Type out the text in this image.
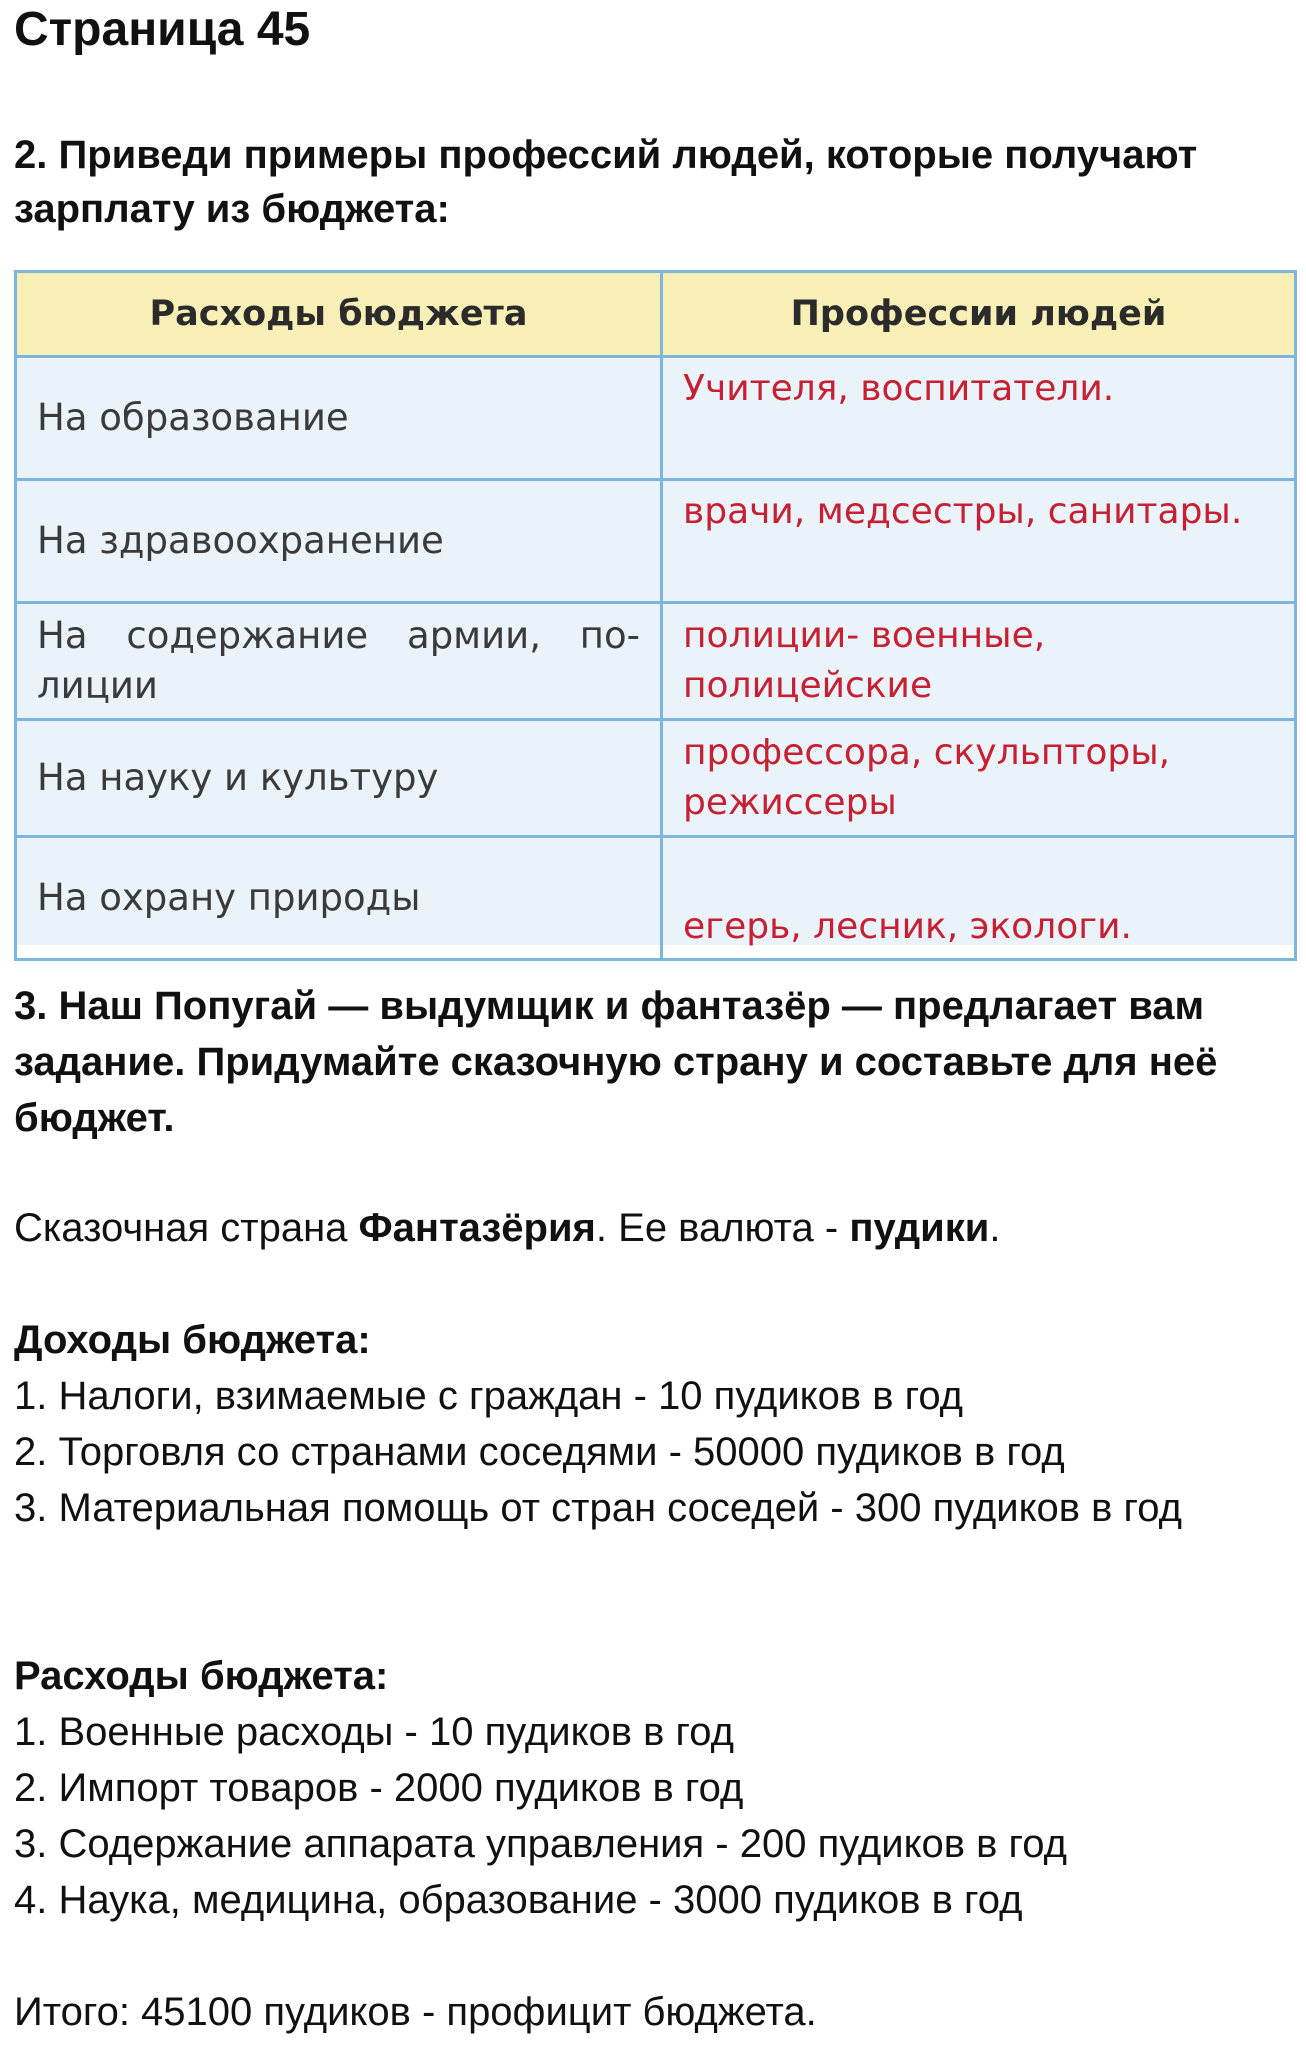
Страница 45
2. Приведи примеры профессий людей, которые получают зарплату из бюджета:
Расходы бюджета	Профессии людей
На образование	Учителя, воспитатели.
На здравоохранение	врачи, медсестры, санитары.
На содержание армии, по-лиции	полиции- военные, полицейские
На науку и культуру	профессора, скульпторы, режиссеры
На охрану природы	егерь, лесник, экологи.
3. Наш Попугай — выдумщик и фантазёр — предлагает вам задание. Придумайте сказочную страну и составьте для неё бюджет.
Сказочная страна Фантазёрия. Ее валюта - пудики.
Доходы бюджета:
1. Налоги, взимаемые с граждан - 10 пудиков в год
2. Торговля со странами соседями - 50000 пудиков в год
3. Материальная помощь от стран соседей - 300 пудиков в год
Расходы бюджета:
1. Военные расходы - 10 пудиков в год
2. Импорт товаров - 2000 пудиков в год
3. Содержание аппарата управления - 200 пудиков в год
4. Наука, медицина, образование - 3000 пудиков в год
Итого: 45100 пудиков - профицит бюджета.
